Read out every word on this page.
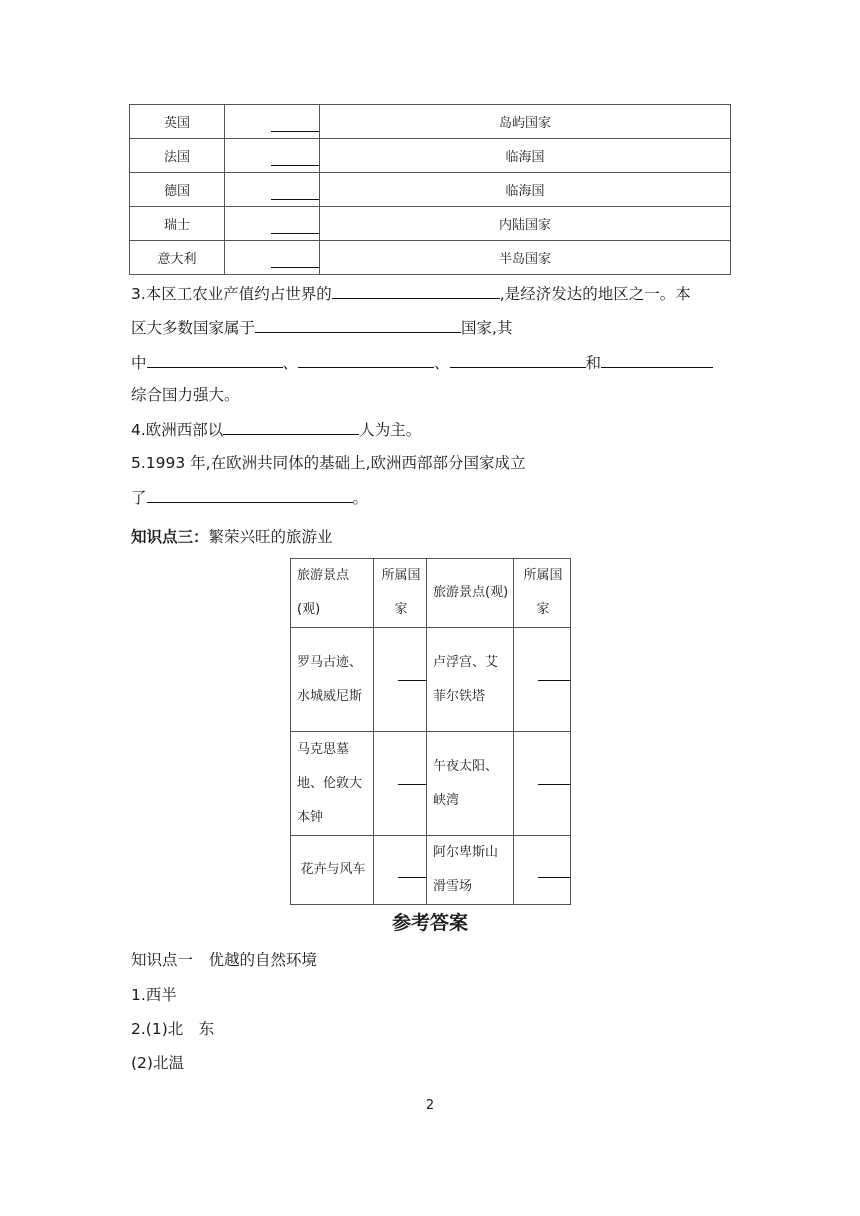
英国		岛屿国家
法国		临海国
德国		临海国
瑞士		内陆国家
意大利		半岛国家
3.本区工农业产值约占世界的	,是经济发达的地区之一。本
区大多数国家属于	国家,其
中	、	、	和
综合国力强大。
4.欧洲西部以	人为主。
5.1993 年,在欧洲共同体的基础上,欧洲西部部分国家成立
了	。
知识点三：繁荣兴旺的旅游业
旅游景点(观)	所属国家	旅游景点(观)	所属国家

罗马古迹、水城威尼斯		卢浮宫、艾菲尔铁塔	

马克思墓地、伦敦大本钟		午夜太阳、峡湾	

花卉与风车		阿尔卑斯山滑雪场	

参考答案
知识点一　优越的自然环境
1.西半
2.(1)北　东
(2)北温
2
